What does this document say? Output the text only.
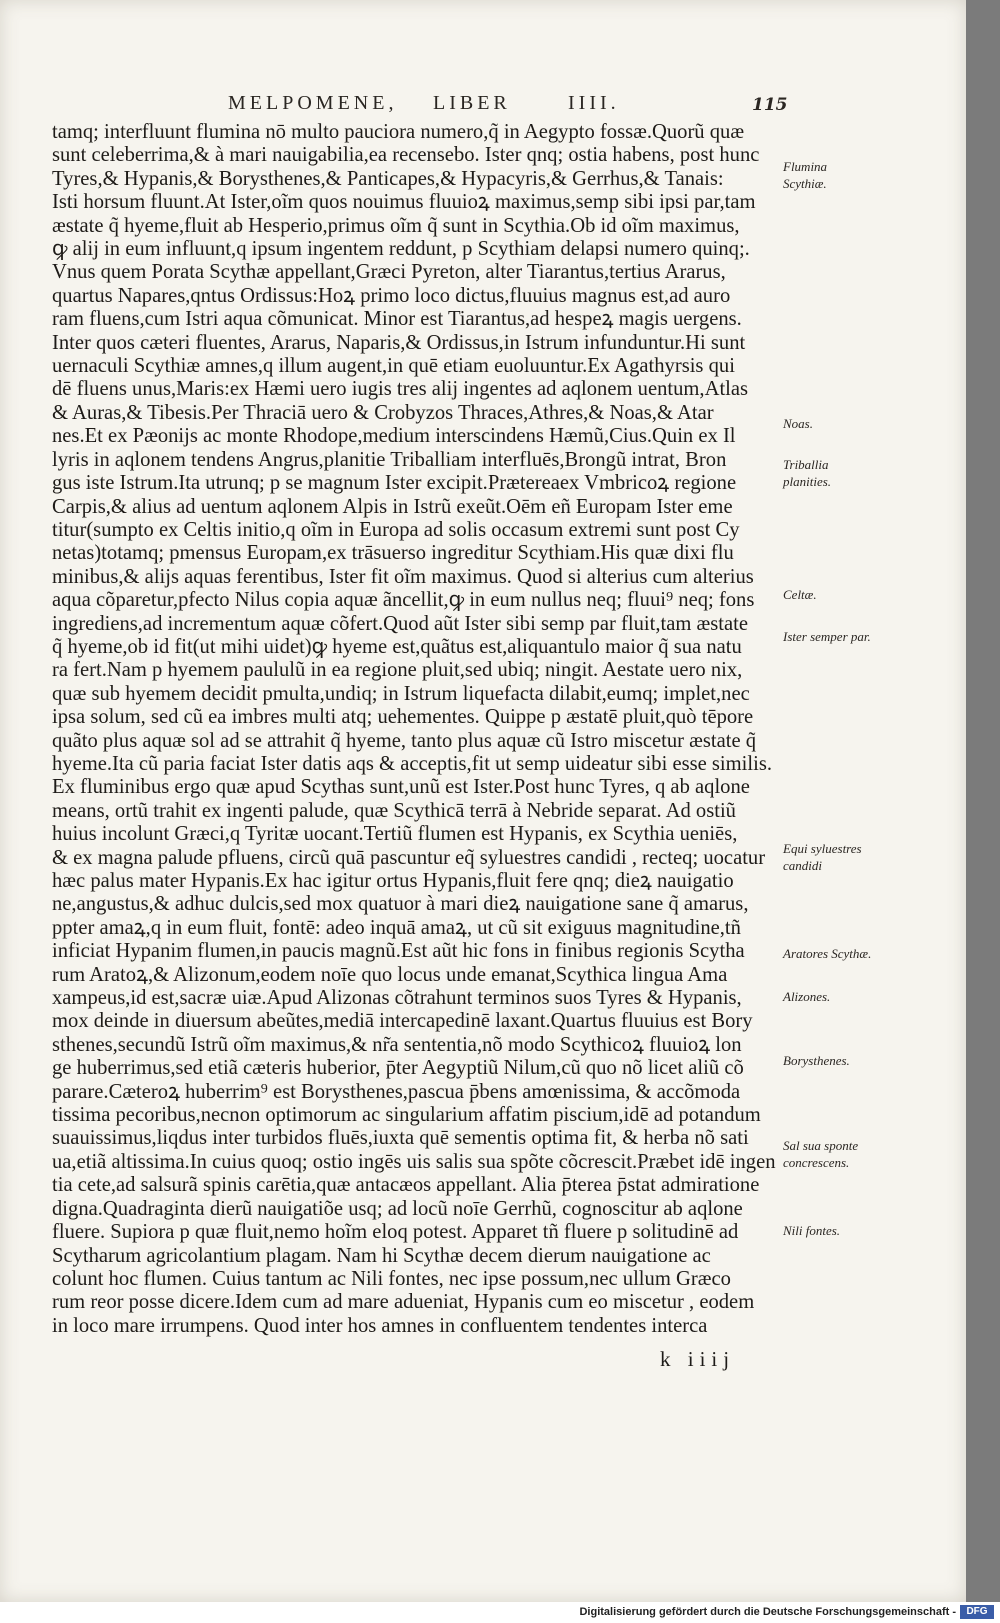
MELPOMENE, LIBER	IIII.	115
tamq; interfluunt flumina nō multo pauciora numero,q̃ in Aegypto fossæ.Quorũ quæ
sunt celeberrima,& à mari nauigabilia,ea recensebo. Ister qnq; ostia habens, post hunc
Tyres,& Hypanis,& Borysthenes,& Panticapes,& Hypacyris,& Gerrhus,& Tanais:
Isti horsum fluunt.At Ister,oĩm quos nouimus fluuioꝝ maximus,semp sibi ipsi par,tam
æstate q̃ hyeme,fluit ab Hesperio,primus oĩm q̃ sunt in Scythia.Ob id oĩm maximus,
ꝙ alij in eum influunt,q ipsum ingentem reddunt, p Scythiam delapsi numero quinq;.
Vnus quem Porata Scythæ appellant,Græci Pyreton, alter Tiarantus,tertius Ararus,
quartus Napares,qntus Ordissus:Hoꝝ primo loco dictus,fluuius magnus est,ad auro
ram fluens,cum Istri aqua cõmunicat. Minor est Tiarantus,ad hespeꝝ magis uergens.
Inter quos cæteri fluentes, Ararus, Naparis,& Ordissus,in Istrum infunduntur.Hi sunt
uernaculi Scythiæ amnes,q illum augent,in quē etiam euoluuntur.Ex Agathyrsis qui
dē fluens unus,Maris:ex Hæmi uero iugis tres alij ingentes ad aqlonem uentum,Atlas
& Auras,& Tibesis.Per Thraciā uero & Crobyzos Thraces,Athres,& Noas,& Atar
nes.Et ex Pæonijs ac monte Rhodope,medium interscindens Hæmũ,Cius.Quin ex Il
lyris in aqlonem tendens Angrus,planitie Triballiam interfluēs,Brongũ intrat, Bron
gus iste Istrum.Ita utrunq; p se magnum Ister excipit.Prætereaex Vmbricoꝝ regione
Carpis,& alius ad uentum aqlonem Alpis in Istrũ exeũt.Oēm eñ Europam Ister eme
titur(sumpto ex Celtis initio,q oĩm in Europa ad solis occasum extremi sunt post Cy
netas)totamq; pmensus Europam,ex trāsuerso ingreditur Scythiam.His quæ dixi flu
minibus,& alijs aquas ferentibus, Ister fit oĩm maximus. Quod si alterius cum alterius
aqua cõparetur,pfecto Nilus copia aquæ ãncellit,ꝙ in eum nullus neq; fluui⁹ neq; fons
ingrediens,ad incrementum aquæ cõfert.Quod aũt Ister sibi semp par fluit,tam æstate
q̃ hyeme,ob id fit(ut mihi uidet)ꝙ hyeme est,quãtus est,aliquantulo maior q̃ sua natu
ra fert.Nam p hyemem paululũ in ea regione pluit,sed ubiq; ningit. Aestate uero nix,
quæ sub hyemem decidit pmulta,undiq; in Istrum liquefacta dilabit,eumq; implet,nec
ipsa solum, sed cũ ea imbres multi atq; uehementes. Quippe p æstatē pluit,quò tēpore
quãto plus aquæ sol ad se attrahit q̃ hyeme, tanto plus aquæ cũ Istro miscetur æstate q̃
hyeme.Ita cũ paria faciat Ister datis aqs & acceptis,fit ut semp uideatur sibi esse similis.
Ex fluminibus ergo quæ apud Scythas sunt,unũ est Ister.Post hunc Tyres, q ab aqlone
means, ortũ trahit ex ingenti palude, quæ Scythicā terrā à Nebride separat. Ad ostiũ
huius incolunt Græci,q Tyritæ uocant.Tertiũ flumen est Hypanis, ex Scythia ueniēs,
& ex magna palude pfluens, circũ quā pascuntur eq̃ syluestres candidi , recteq; uocatur
hæc palus mater Hypanis.Ex hac igitur ortus Hypanis,fluit fere qnq; dieꝝ nauigatio
ne,angustus,& adhuc dulcis,sed mox quatuor à mari dieꝝ nauigatione sane q̃ amarus,
ppter amaꝝ,q in eum fluit, fontē: adeo inquā amaꝝ, ut cũ sit exiguus magnitudine,tñ
inficiat Hypanim flumen,in paucis magnũ.Est aũt hic fons in finibus regionis Scytha
rum Aratoꝝ,& Alizonum,eodem noīe quo locus unde emanat,Scythica lingua Ama
xampeus,id est,sacræ uiæ.Apud Alizonas cõtrahunt terminos suos Tyres & Hypanis,
mox deinde in diuersum abeũtes,mediā intercapedinē laxant.Quartus fluuius est Bory
sthenes,secundũ Istrũ oĩm maximus,& nr̃a sententia,nõ modo Scythicoꝝ fluuioꝝ lon
ge huberrimus,sed etiã cæteris huberior, p̄ter Aegyptiũ Nilum,cũ quo nõ licet aliũ cõ
parare.Cæteroꝝ huberrim⁹ est Borysthenes,pascua p̄bens amœnissima, & accõmoda
tissima pecoribus,necnon optimorum ac singularium affatim piscium,idē ad potandum
suauissimus,liqdus inter turbidos fluēs,iuxta quē sementis optima fit, & herba nõ sati
ua,etiã altissima.In cuius quoq; ostio ingēs uis salis sua spõte cõcrescit.Præbet idē ingen
tia cete,ad salsurã spinis carētia,quæ antacæos appellant. Alia p̄terea p̄stat admiratione
digna.Quadraginta dierũ nauigatiõe usq; ad locũ noīe Gerrhũ, cognoscitur ab aqlone
fluere. Supiora p quæ fluit,nemo hoĩm eloq potest. Apparet tñ fluere p solitudinē ad
Scytharum agricolantium plagam. Nam hi Scythæ decem dierum nauigatione ac
colunt hoc flumen. Cuius tantum ac Nili fontes, nec ipse possum,nec ullum Græco
rum reor posse dicere.Idem cum ad mare adueniat, Hypanis cum eo miscetur , eodem
in loco mare irrumpens. Quod inter hos amnes in confluentem tendentes interca
Flumina Scythiæ.
Noas.
Triballia planities.
Celtæ.
Ister semper par.
Equi syluestres candidi
Aratores Scythæ.
Alizones.
Borysthenes.
Sal sua sponte concrescens.
Nili fontes.
k iiij
Digitalisierung gefördert durch die Deutsche Forschungsgemeinschaft -	DFG
